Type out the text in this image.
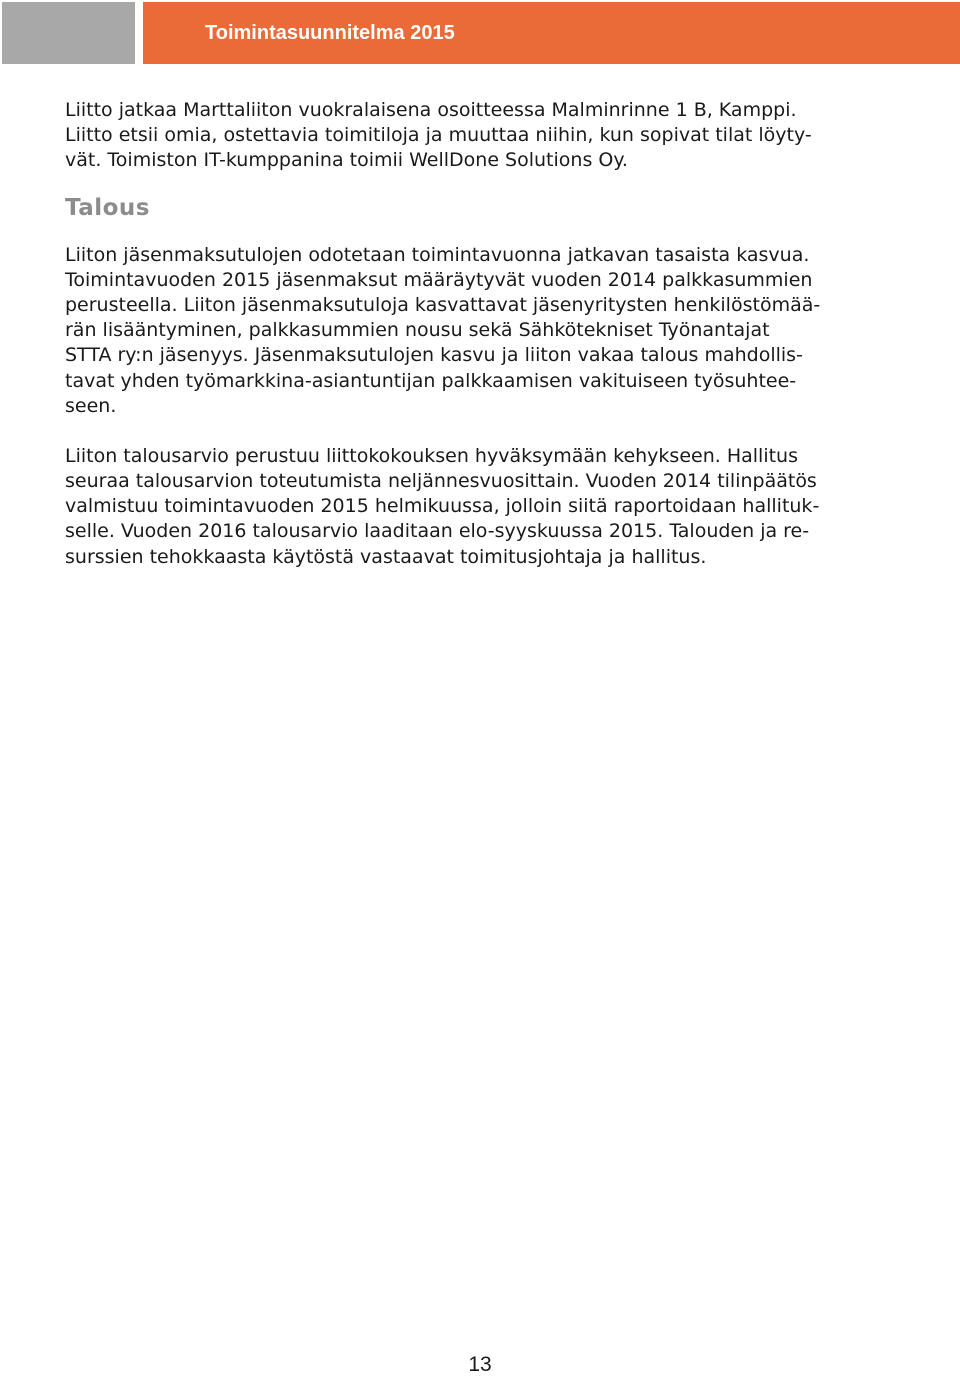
Toimintasuunnitelma 2015
Liitto jatkaa Marttaliiton vuokralaisena osoitteessa Malminrinne 1 B, Kamppi.
Liitto etsii omia, ostettavia toimitiloja ja muuttaa niihin, kun sopivat tilat löyty-
vät. Toimiston IT-kumppanina toimii WellDone Solutions Oy.
Talous
Liiton jäsenmaksutulojen odotetaan toimintavuonna jatkavan tasaista kasvua.
Toimintavuoden 2015 jäsenmaksut määräytyvät vuoden 2014 palkkasummien
perusteella. Liiton jäsenmaksutuloja kasvattavat jäsenyritysten henkilöstömää-
rän lisääntyminen, palkkasummien nousu sekä Sähkötekniset Työnantajat
STTA ry:n jäsenyys. Jäsenmaksutulojen kasvu ja liiton vakaa talous mahdollis-
tavat yhden työmarkkina-asiantuntijan palkkaamisen vakituiseen työsuhtee-
seen.
Liiton talousarvio perustuu liittokokouksen hyväksymään kehykseen. Hallitus
seuraa talousarvion toteutumista neljännesvuosittain. Vuoden 2014 tilinpäätös
valmistuu toimintavuoden 2015 helmikuussa, jolloin siitä raportoidaan hallituk-
selle. Vuoden 2016 talousarvio laaditaan elo-syyskuussa 2015. Talouden ja re-
surssien tehokkaasta käytöstä vastaavat toimitusjohtaja ja hallitus.
13
